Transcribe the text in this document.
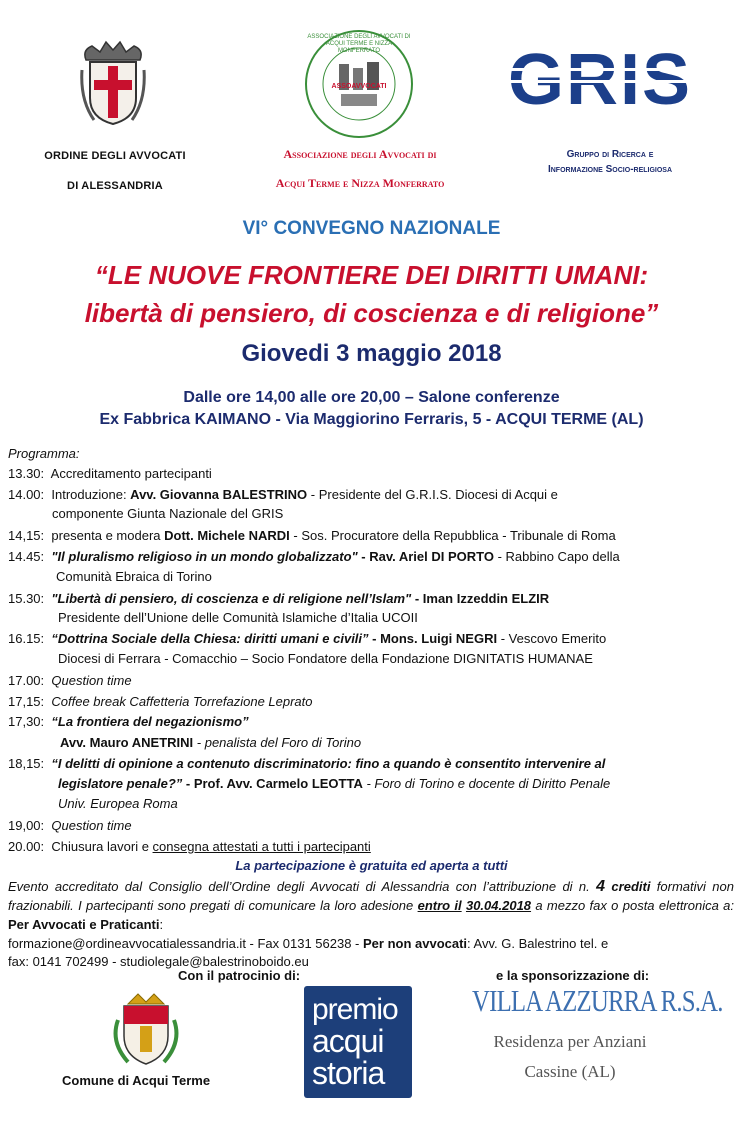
ORDINE DEGLI AVVOCATI
DI ALESSANDRIA
ASSOCIAZIONE DEGLI AVVOCATI DI ACQUI TERME E NIZZA MONFERRATO
ASSOAVVOCATI
Associazione degli Avvocati di
Acqui Terme e Nizza Monferrato
Gruppo di Ricerca e
Informazione Socio-religiosa
VI° CONVEGNO NAZIONALE
“LE NUOVE FRONTIERE DEI DIRITTI UMANI:
libertà di pensiero, di coscienza e di religione”
Giovedi 3 maggio 2018
Dalle ore 14,00 alle ore 20,00 – Salone conferenze
Ex Fabbrica KAIMANO - Via Maggiorino Ferraris, 5 - ACQUI TERME (AL)
Programma:
13.30: Accreditamento partecipanti
14.00: Introduzione: Avv. Giovanna BALESTRINO - Presidente del G.R.I.S. Diocesi di Acqui e
componente Giunta Nazionale del GRIS
14,15: presenta e modera Dott. Michele NARDI - Sos. Procuratore della Repubblica - Tribunale di Roma
14.45: "Il pluralismo religioso in un mondo globalizzato" - Rav. Ariel DI PORTO - Rabbino Capo della
Comunità Ebraica di Torino
15.30: "Libertà di pensiero, di coscienza e di religione nell’Islam" - Iman Izzeddin ELZIR
Presidente dell’Unione delle Comunità Islamiche d’Italia UCOII
16.15: “Dottrina Sociale della Chiesa: diritti umani e civili” - Mons. Luigi NEGRI - Vescovo Emerito
Diocesi di Ferrara - Comacchio – Socio Fondatore della Fondazione DIGNITATIS HUMANAE
17.00: Question time
17,15: Coffee break Caffetteria Torrefazione Leprato
17,30: “La frontiera del negazionismo”
Avv. Mauro ANETRINI - penalista del Foro di Torino
18,15: “I delitti di opinione a contenuto discriminatorio: fino a quando è consentito intervenire al
legislatore penale?” - Prof. Avv. Carmelo LEOTTA - Foro di Torino e docente di Diritto Penale
Univ. Europea Roma
19,00: Question time
20.00: Chiusura lavori e consegna attestati a tutti i partecipanti
La partecipazione è gratuita ed aperta a tutti
Evento accreditato dal Consiglio dell’Ordine degli Avvocati di Alessandria con l’attribuzione di n. 4 crediti formativi non frazionabili. I partecipanti sono pregati di comunicare la loro adesione entro il 30.04.2018 a mezzo fax o posta elettronica a: Per Avvocati e Praticanti:
formazione@ordineavvocatialessandria.it - Fax 0131 56238 - Per non avvocati: Avv. G. Balestrino tel. e
fax: 0141 702499 - studiolegale@balestrinoboido.eu
Con il patrocinio di:
Comune di Acqui Terme
premio
acqui
storia
e la sponsorizzazione di:
VILLA AZZURRA R.S.A.
Residenza per Anziani
Cassine (AL)
